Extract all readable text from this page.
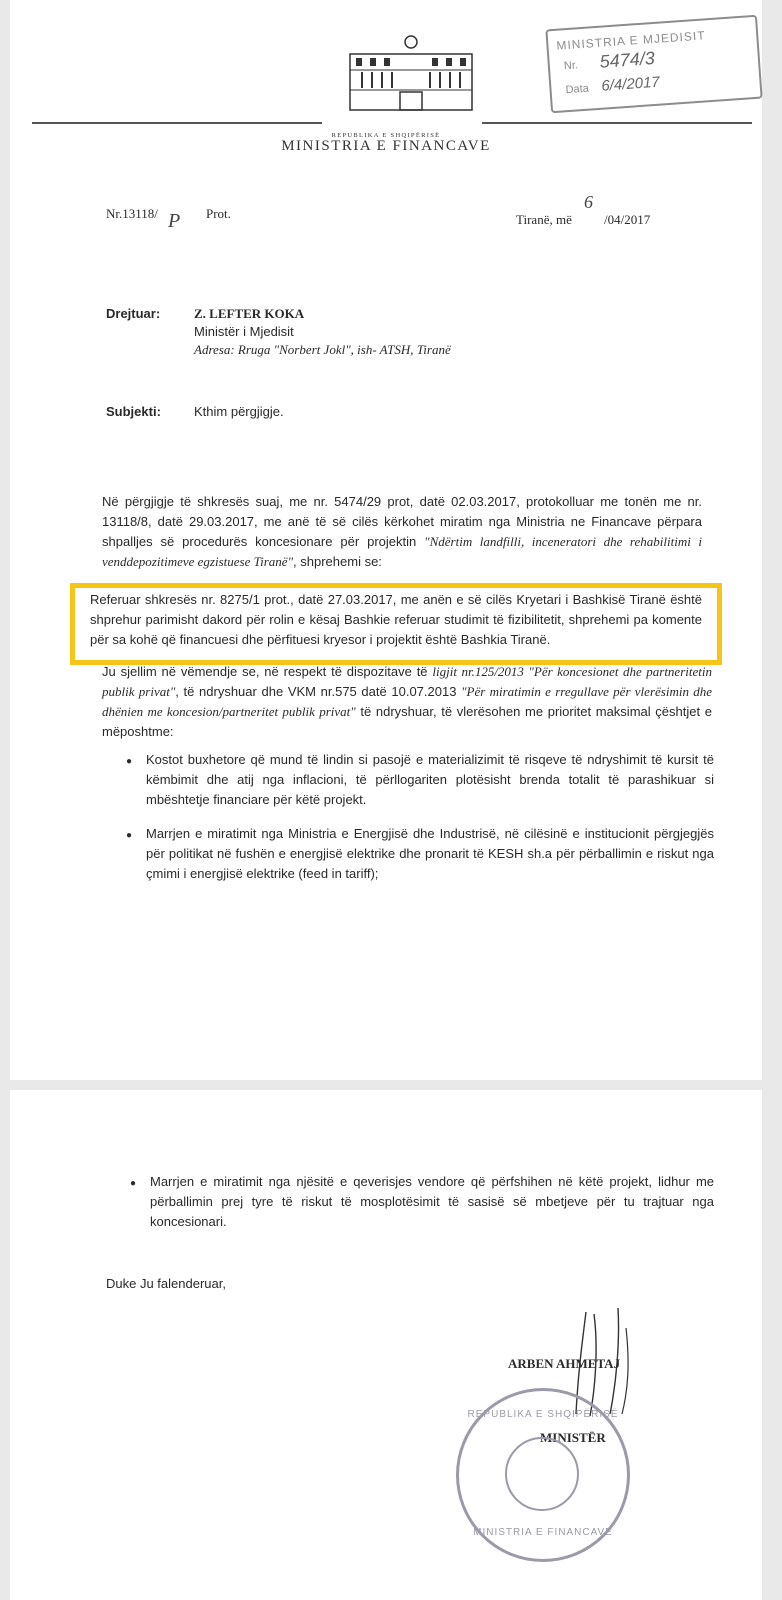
REPUBLIKA E SHQIPËRISË
MINISTRIA E FINANCAVE
MINISTRIA E MJEDISIT
Nr. 5474/3
Data 6/4/2017
Nr.13118/ P Prot.	Tiranë, më
6
/04/2017
Drejtuar:	Z. LEFTER KOKA
Ministër i Mjedisit
Adresa: Rruga "Norbert Jokl", ish- ATSH, Tiranë
Subjekti:	Kthim përgjigje.
Në përgjigje të shkresës suaj, me nr. 5474/29 prot, datë 02.03.2017, protokolluar me tonën me nr. 13118/8, datë 29.03.2017, me anë të së cilës kërkohet miratim nga Ministria ne Financave përpara shpalljes së procedurës koncesionare për projektin "Ndërtim landfilli, inceneratori dhe rehabilitimi i venddepozitimeve egzistuese Tiranë", shprehemi se:
Referuar shkresës nr. 8275/1 prot., datë 27.03.2017, me anën e së cilës Kryetari i Bashkisë Tiranë është shprehur parimisht dakord për rolin e kësaj Bashkie referuar studimit të fizibilitetit, shprehemi pa komente për sa kohë që financuesi dhe përfituesi kryesor i projektit është Bashkia Tiranë.
Ju sjellim në vëmendje se, në respekt të dispozitave të ligjit nr.125/2013 "Për koncesionet dhe partneritetin publik privat", të ndryshuar dhe VKM nr.575 datë 10.07.2013 "Për miratimin e rregullave për vlerësimin dhe dhënien me koncesion/partneritet publik privat" të ndryshuar, të vlerësohen me prioritet maksimal çështjet e mëposhtme:
● Kostot buxhetore që mund të lindin si pasojë e materializimit të risqeve të ndryshimit të kursit të këmbimit dhe atij nga inflacioni, të përllogariten plotësisht brenda totalit të parashikuar si mbështetje financiare për këtë projekt.
● Marrjen e miratimit nga Ministria e Energjisë dhe Industrisë, në cilësinë e institucionit përgjegjës për politikat në fushën e energjisë elektrike dhe pronarit të KESH sh.a për përballimin e riskut nga çmimi i energjisë elektrike (feed in tariff);
● Marrjen e miratimit nga njësitë e qeverisjes vendore që përfshihen në këtë projekt, lidhur me përballimin prej tyre të riskut të mosplotësimit të sasisë së mbetjeve për tu trajtuar nga koncesionari.
Duke Ju falenderuar,
ARBEN AHMETAJ
MINISTËR
REPUBLIKA E SHQIPËRISË
MINISTRIA E FINANCAVE
